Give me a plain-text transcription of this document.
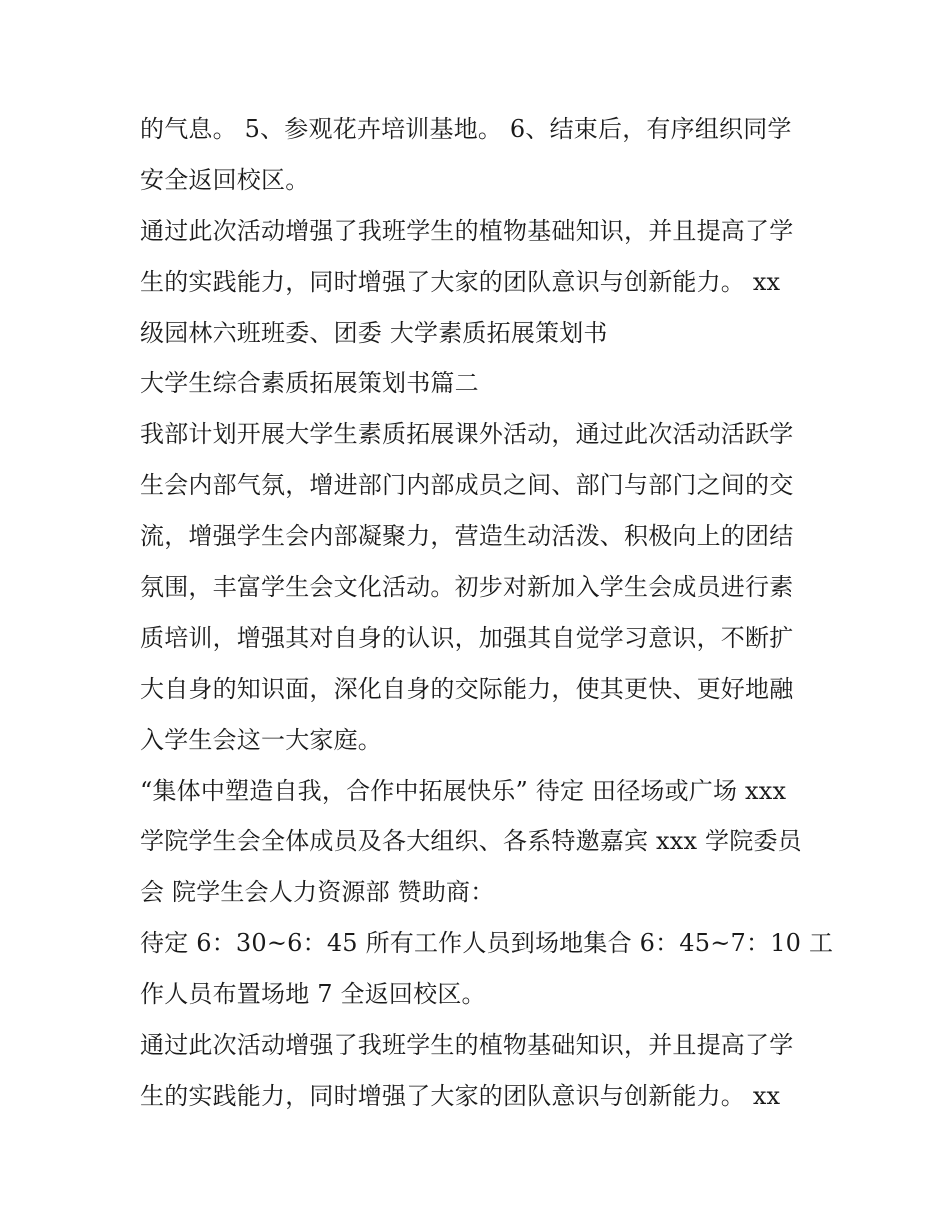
的气息。 5、参观花卉培训基地。 6、结束后，有序组织同学
安全返回校区。
通过此次活动增强了我班学生的植物基础知识，并且提高了学
生的实践能力，同时增强了大家的团队意识与创新能力。 xx
级园林六班班委、团委 大学素质拓展策划书
大学生综合素质拓展策划书篇二
我部计划开展大学生素质拓展课外活动，通过此次活动活跃学
生会内部气氛，增进部门内部成员之间、部门与部门之间的交
流，增强学生会内部凝聚力，营造生动活泼、积极向上的团结
氛围，丰富学生会文化活动。初步对新加入学生会成员进行素
质培训，增强其对自身的认识，加强其自觉学习意识，不断扩
大自身的知识面，深化自身的交际能力，使其更快、更好地融
入学生会这一大家庭。
“集体中塑造自我，合作中拓展快乐” 待定 田径场或广场 xxx
学院学生会全体成员及各大组织、各系特邀嘉宾 xxx 学院委员
会 院学生会人力资源部 赞助商：
待定 6：30~6：45 所有工作人员到场地集合 6：45~7：10 工
作人员布置场地 7 全返回校区。
通过此次活动增强了我班学生的植物基础知识，并且提高了学
生的实践能力，同时增强了大家的团队意识与创新能力。 xx
